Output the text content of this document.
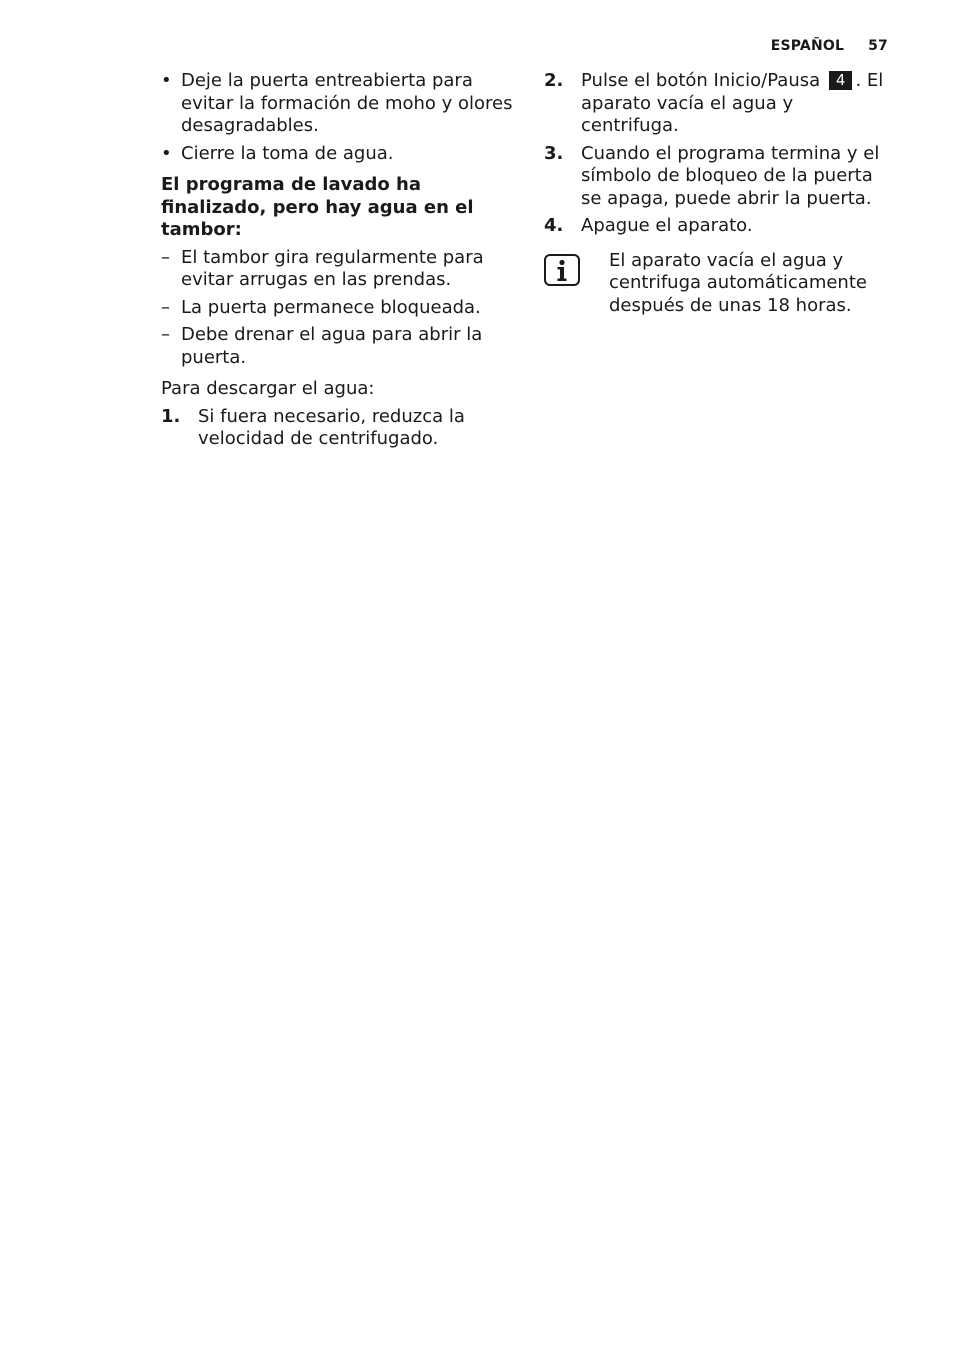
ESPAÑOL 57
• Deje la puerta entreabierta para evitar la formación de moho y olores desagradables.
• Cierre la toma de agua.
El programa de lavado ha finalizado, pero hay agua en el tambor:
– El tambor gira regularmente para evitar arrugas en las prendas.
– La puerta permanece bloqueada.
– Debe drenar el agua para abrir la puerta.
Para descargar el agua:
1. Si fuera necesario, reduzca la velocidad de centrifugado.
2. Pulse el botón Inicio/Pausa 4 . El aparato vacía el agua y centrifuga.
3. Cuando el programa termina y el símbolo de bloqueo de la puerta se apaga, puede abrir la puerta.
4. Apague el aparato.
El aparato vacía el agua y centrifuga automáticamente después de unas 18 horas.
